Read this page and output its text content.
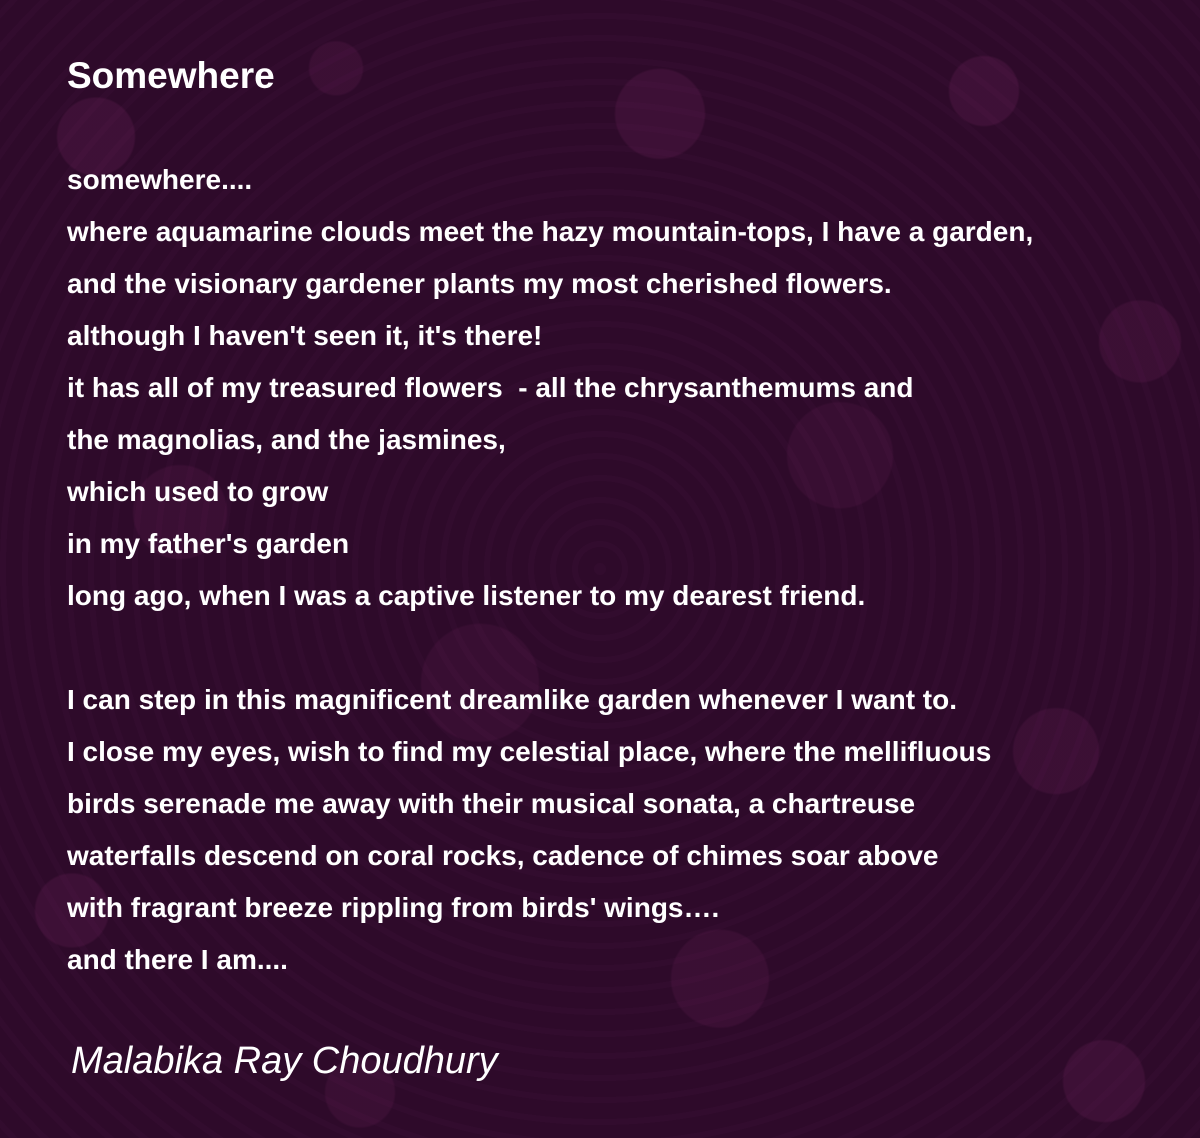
Somewhere
somewhere....
where aquamarine clouds meet the hazy mountain-tops, I have a garden,
and the visionary gardener plants my most cherished flowers.
although I haven't seen it, it's there!
it has all of my treasured flowers  - all the chrysanthemums and
the magnolias, and the jasmines,
which used to grow
in my father's garden
long ago, when I was a captive listener to my dearest friend.
I can step in this magnificent dreamlike garden whenever I want to.
I close my eyes, wish to find my celestial place, where the mellifluous
birds serenade me away with their musical sonata, a chartreuse
waterfalls descend on coral rocks, cadence of chimes soar above
with fragrant breeze rippling from birds' wings….
and there I am....

Malabika Ray Choudhury
